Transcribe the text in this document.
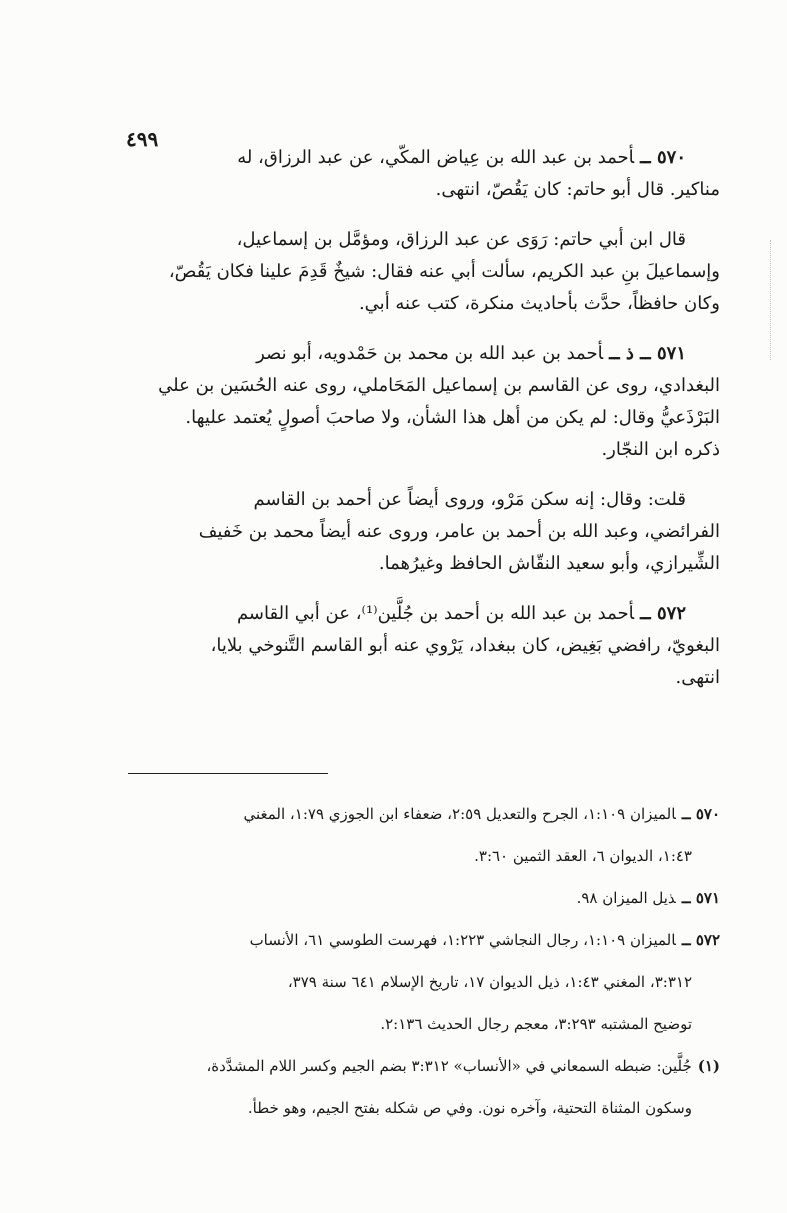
٤٩٩

٥٧٠ ــأحمد بن عبد الله بن عِياض المكّي، عن عبد الرزاق، له

مناكير. قال أبو حاتم: كان يَقُصّ، انتهى.

قال ابن أبي حاتم: رَوَى عن عبد الرزاق، ومؤمَّل بن إسماعيل،

وإسماعيلَ بنِ عبد الكريم، سألت أبي عنه فقال: شيخٌ قَدِمَ علينا فكان يَقُصّ،

وكان حافظاً، حدَّث بأحاديث منكرة، كتب عنه أبي.

٥٧١ ــ ذ ــأحمد بن عبد الله بن محمد بن حَمْدويه، أبو نصر

البغدادي، روى عن القاسم بن إسماعيل المَحَاملي، روى عنه الحُسَين بن علي

البَرْذَعيُّ وقال: لم يكن من أهل هذا الشأن، ولا صاحبَ أصولٍ يُعتمد عليها.

ذكره ابن النجّار.

قلت: وقال: إنه سكن مَرْو، وروى أيضاً عن أحمد بن القاسم

الفرائضي، وعبد الله بن أحمد بن عامر، وروى عنه أيضاً محمد بن خَفيف

الشِّيرازي، وأبو سعيد النقّاش الحافظ وغيرُهما.

٥٧٢ ــأحمد بن عبد الله بن أحمد بن جُلَّين⁽¹⁾، عن أبي القاسم

البغويّ، رافضي بَغِيض، كان ببغداد، يَرْوي عنه أبو القاسم التَّنوخي بلايا،

انتهى.

٥٧٠ ــالميزان ١:١٠٩، الجرح والتعديل ٢:٥٩، ضعفاء ابن الجوزي ١:٧٩، المغني

١:٤٣، الديوان ٦، العقد الثمين ٣:٦٠.

٥٧١ ــذيل الميزان ٩٨.

٥٧٢ ــالميزان ١:١٠٩، رجال النجاشي ١:٢٢٣، فهرست الطوسي ٦١، الأنساب

٣:٣١٢، المغني ١:٤٣، ذيل الديوان ١٧، تاريخ الإسلام ٦٤١ سنة ٣٧٩،

توضيح المشتبه ٣:٢٩٣، معجم رجال الحديث ٢:١٣٦.

(١)جُلَّين: ضبطه السمعاني في «الأنساب» ٣:٣١٢ بضم الجيم وكسر اللام المشدَّدة،

وسكون المثناة التحتية، وآخره نون. وفي ص شكله بفتح الجيم، وهو خطأ.
